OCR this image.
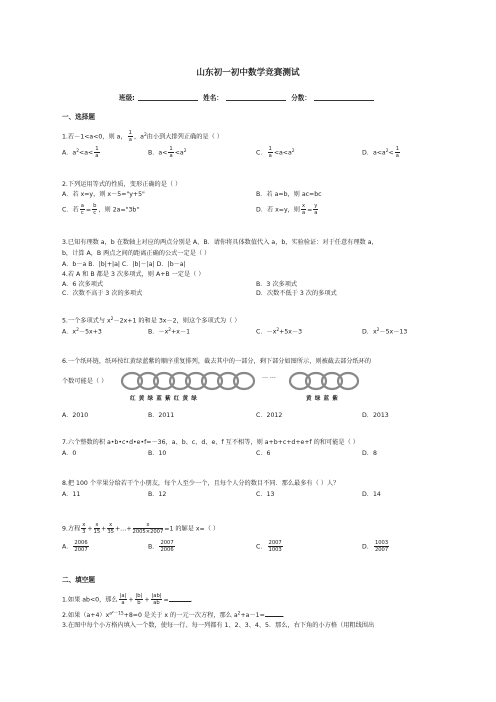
山东初一初中数学竞赛测试
班级:	姓名：	分数：
一、选择题
1.若－1<a<0，则 a， $\frac{1}{a}$ ，$a^2$由小到大排列正确的是（ ）
A．$a^2<a< \frac{1}{a}$	B．$a< \frac{1}{a} <a^2$	C． $\frac{1}{a} <a<a^2$	D．$a<a^2< \frac{1}{a}$
2.下列运用等式的性质，变形正确的是（ ）
A．若 x=y，则 x－5="y+5"	B．若 a=b，则 ac=bc
C．若 $\frac{a}{c} = \frac{b}{c}$ ，则 2a="3b"	D．若 x=y，则 $\frac{x}{a} = \frac{y}{a}$
3.已知有理数 a，b 在数轴上对应的两点分别是 A，B．请你将具体数值代入 a，b，实验验证：对于任意有理数 a，
b，计算 A，B 两点之间的距离正确的公式一定是（ ）
A．b－a B．|b|+|a| C．|b|－|a| D．|b－a|
4.若 A 和 B 都是 3 次多项式，则 A+B 一定是（ ）
A．6 次多项式	B．3 次多项式
C．次数不高于 3 次的多项式	D．次数不低于 3 次的多项式
5.一个多项式与 $x^2-2x+1$ 的和是 3x－2，则这个多项式为（ ）
A．$x^2-5x+3$	B．$-x^2+x-1$	C．$-x^2+5x-3$	D．$x^2-5x-13$
6.一个纸环链，纸环按红黄绿蓝紫的顺序重复排列，截去其中的一部分，剩下部分如图所示，则被截去部分纸环的
个数可能是（ ）
… …
红 黄 绿 蓝 紫 红 黄 绿	黄 绿 蓝 紫
A．2010	B．2011	C．2012	D．2013
7.六个整数的积 a•b•c•d•e•f=－36，a、b、c、d、e、f 互不相等，则 a+b+c+d+e+f 的和可能是（ ）
A．0	B．10	C．6	D．8
8.把 100 个苹果分给若干个小朋友，每个人至少一个，且每个人分的数目不同．那么最多有（ ）人？
A．11	B．12	C．13	D．14
9.方程 $\frac{x}{3} + \frac{x}{15} + \frac{x}{35}$ +…+ $\frac{x}{2005\times 2007} =1$ 的解是 x=（ ）
A． $\frac{2006}{2007}$	B． $\frac{2007}{2006}$	C． $\frac{2007}{1003}$	D． $\frac{1003}{2007}$
二、填空题
1.如果 ab<0，那么 $\frac{|a|}{a} + \frac{|b|}{b} + \frac{|ab|}{ab}$ =	．
2.如果$(a+4)x^{a^2-15}+8=0$ 是关于 x 的一元一次方程，那么 $a^2+a-1=$	．
3.在图中每个小方格内填入一个数，使每一行、每一列都有 1、2、3、4、5．那么，右下角的小方格（用粗线围出
